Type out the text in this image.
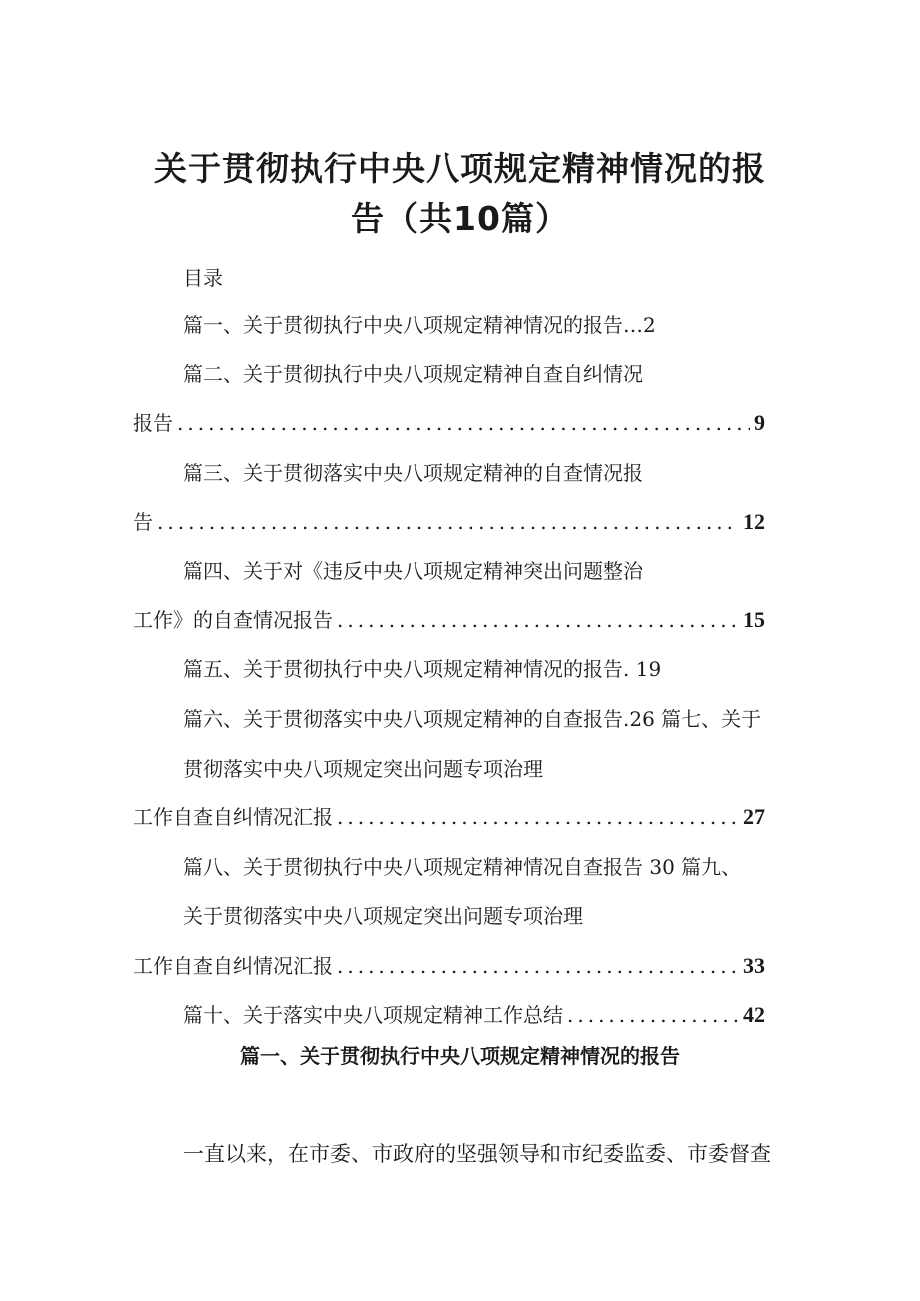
关于贯彻执行中央八项规定精神情况的报
告（共10篇）
目录
篇一、关于贯彻执行中央八项规定精神情况的报告…2
篇二、关于贯彻执行中央八项规定精神自查自纠情况
报告 .....	9
篇三、关于贯彻落实中央八项规定精神的自查情况报
告 .....	12
篇四、关于对《违反中央八项规定精神突出问题整治
工作》的自查情况报告 .....	15
篇五、关于贯彻执行中央八项规定精神情况的报告. 19
篇六、关于贯彻落实中央八项规定精神的自查报告.26 篇七、关于
贯彻落实中央八项规定突出问题专项治理
工作自查自纠情况汇报 .....	27
篇八、关于贯彻执行中央八项规定精神情况自查报告 30 篇九、
关于贯彻落实中央八项规定突出问题专项治理
工作自查自纠情况汇报 .....	33
篇十、关于落实中央八项规定精神工作总结 .....	42
篇一、关于贯彻执行中央八项规定精神情况的报告
一直以来，在市委、市政府的坚强领导和市纪委监委、市委督查
